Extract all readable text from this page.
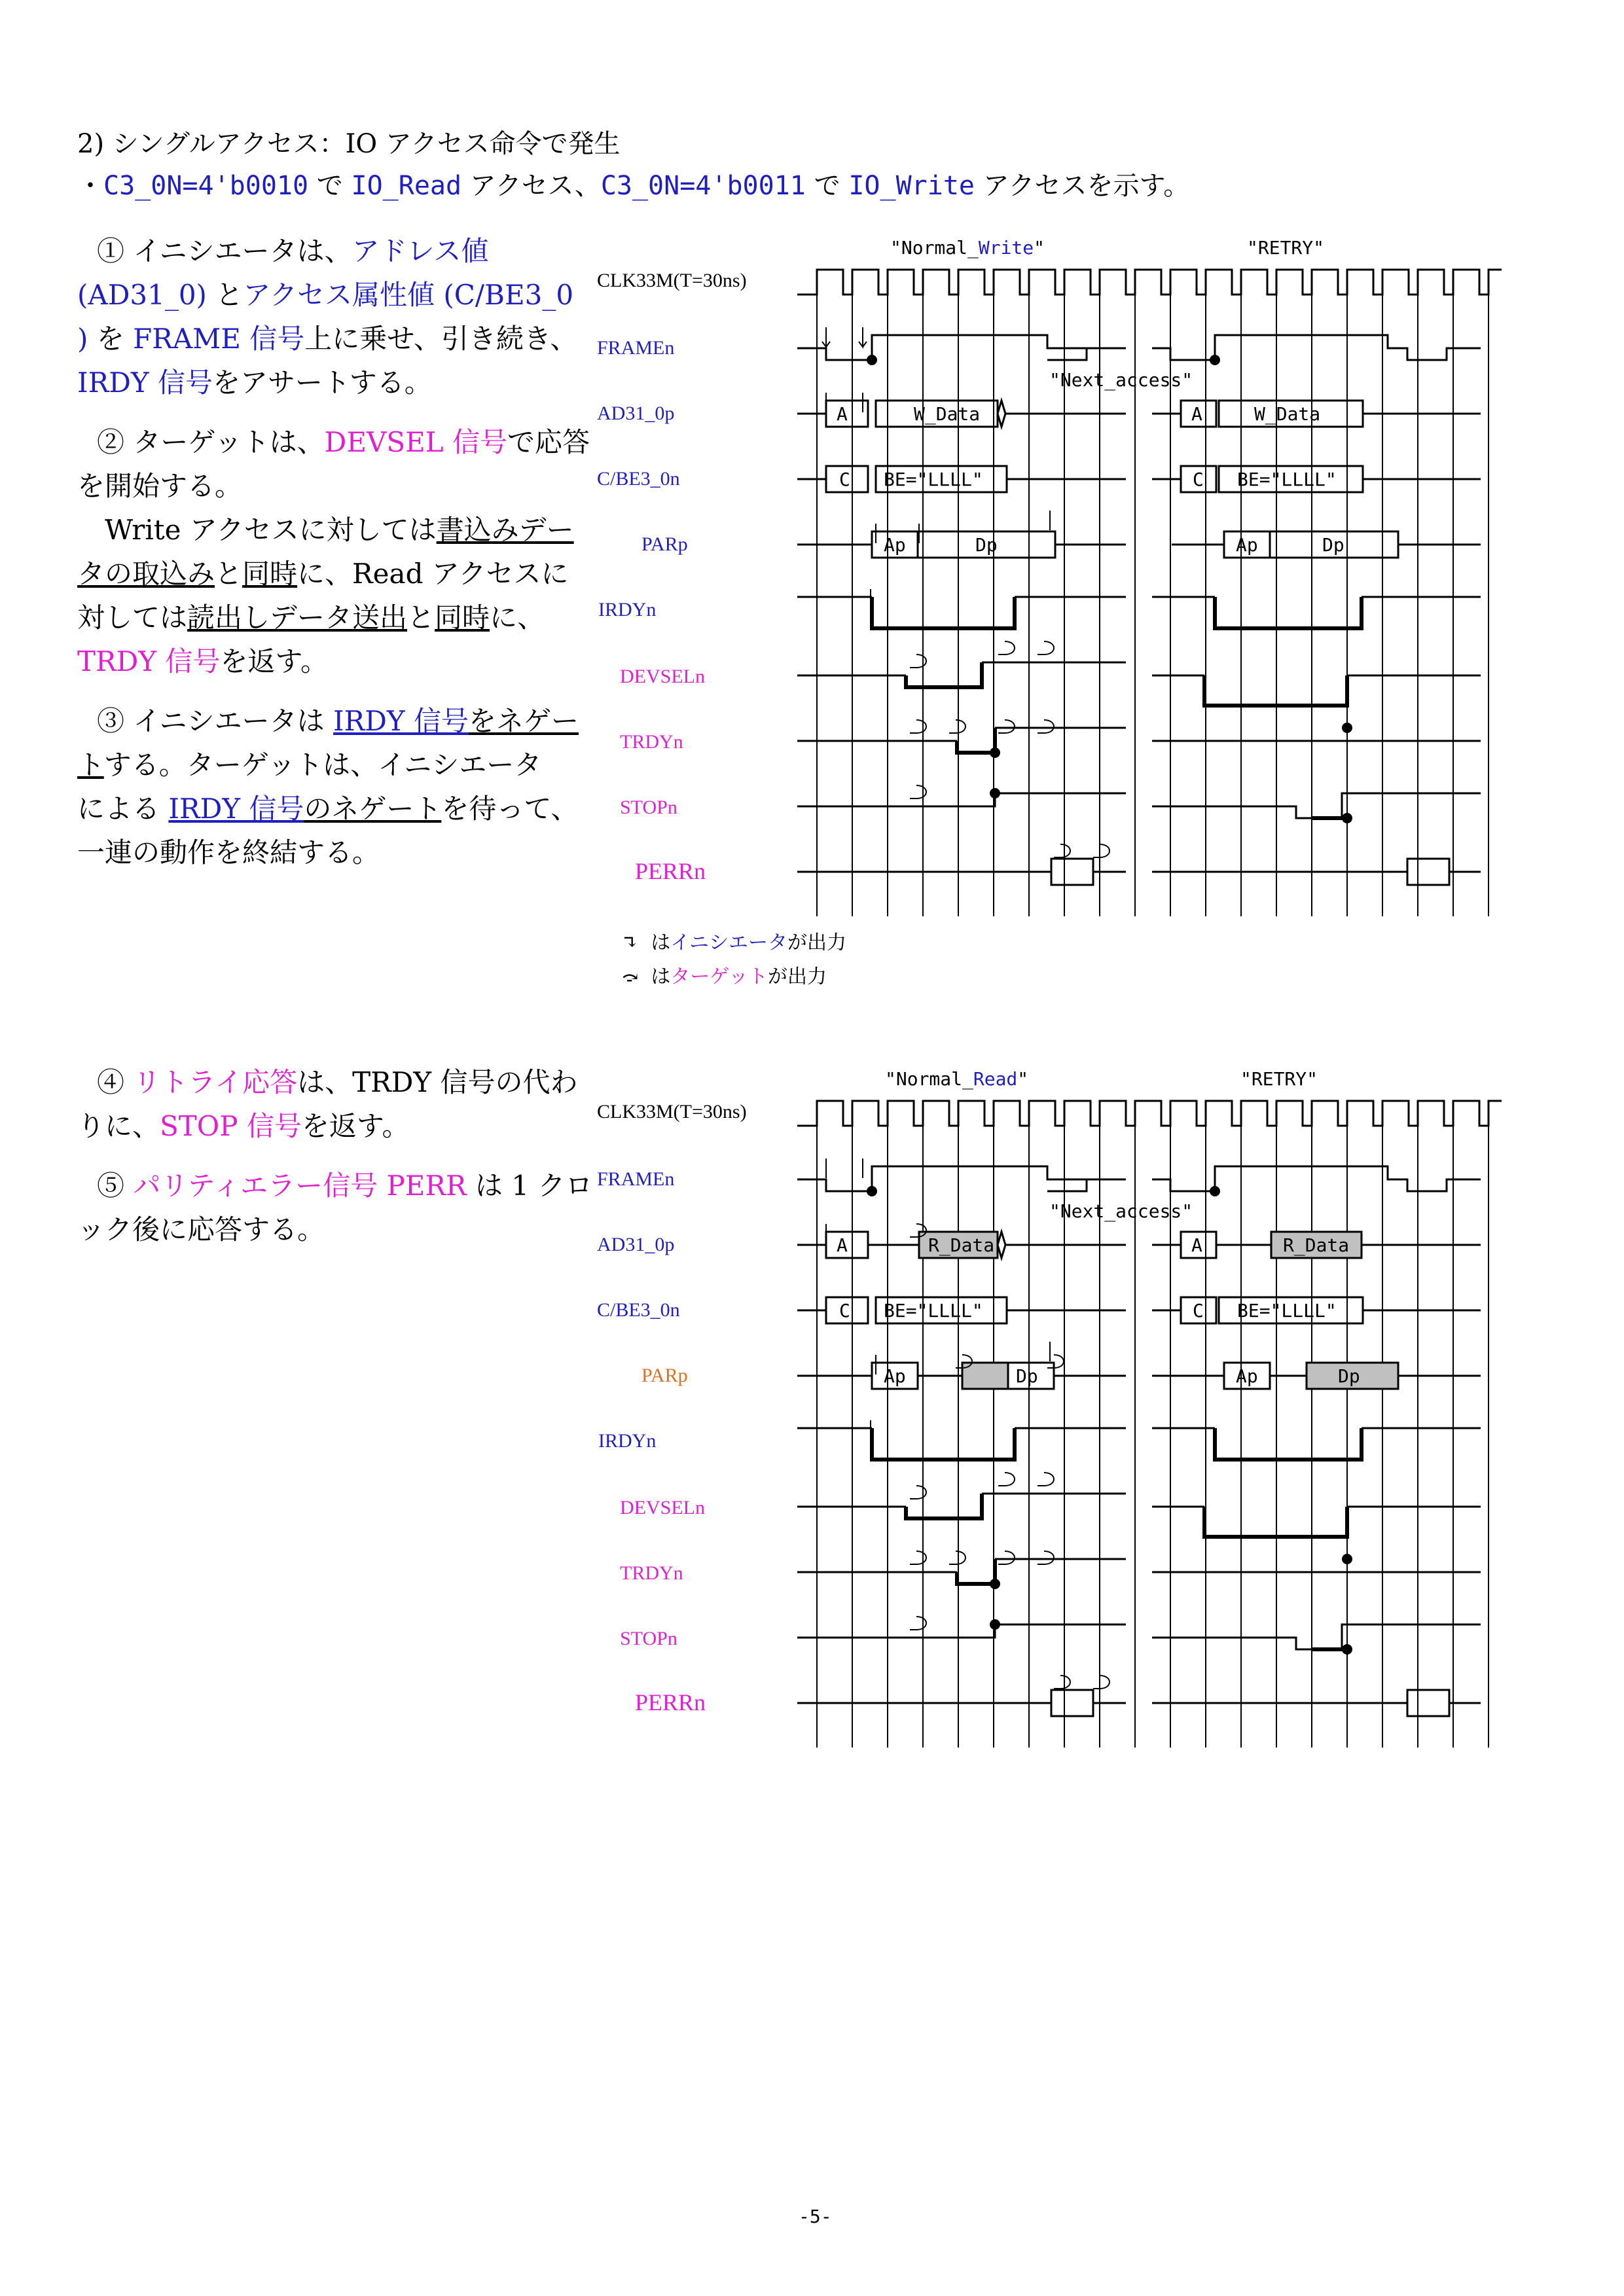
2) シングルアクセス：IO アクセス命令で発生
・C3_0N=4'b0010 で IO_Read アクセス、C3_0N=4'b0011 で IO_Write アクセスを示す。
① イニシエータは、アドレス値
(AD31_0) とアクセス属性値 (C/BE3_0
) を FRAME 信号上に乗せ、引き続き、
IRDY 信号をアサートする。
② ターゲットは、DEVSEL 信号で応答
を開始する。
　Write アクセスに対しては書込みデー
タの取込みと同時に、Read アクセスに
対しては読出しデータ送出と同時に、
TRDY 信号を返す。
③ イニシエータは IRDY 信号をネゲー
トする。ターゲットは、イニシエータ
による IRDY 信号のネゲートを待って、
一連の動作を終結する。
④ リトライ応答は、TRDY 信号の代わ
りに、STOP 信号を返す。
⑤ パリティエラー信号 PERR は 1 クロ
ック後に応答する。
"Normal_Write"	"RETRY"
"Next_access"
CLK33M(T=30ns)
FRAMEn
AD31_0p
C/BE3_0n
PARp
IRDYn
DEVSELn
TRDYn
STOPn
PERRn
A	W_Data	A	W_Data
C BE="LLLL"	C BE="LLLL"
Ap	Dp	Ap	Dp
↴ はイニシエータが出力
⤼ はターゲットが出力
"Normal_Read"	"RETRY"
"Next_access"
CLK33M(T=30ns)
FRAMEn
AD31_0p
C/BE3_0n
PARp
IRDYn
DEVSELn
TRDYn
STOPn
PERRn
A	R_Data	A	R_Data
C BE="LLLL"	C BE="LLLL"
Ap	Dp	Ap	Dp
-5-
